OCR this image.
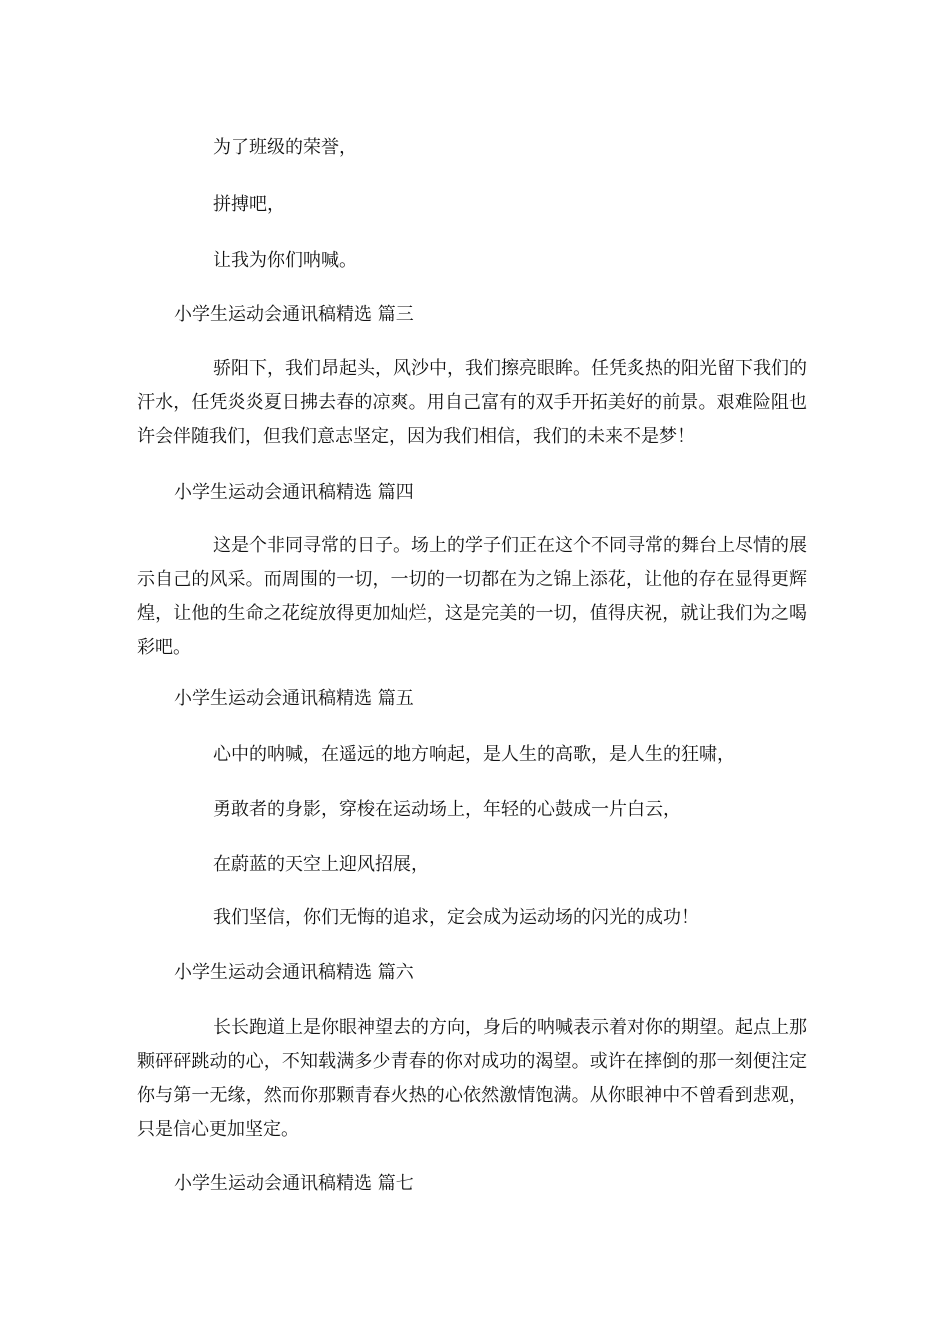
为了班级的荣誉，

拼搏吧，

让我为你们呐喊。

小学生运动会通讯稿精选 篇三

骄阳下，我们昂起头，风沙中，我们擦亮眼眸。任凭炙热的阳光留下我们的汗水，任凭炎炎夏日拂去春的凉爽。用自己富有的双手开拓美好的前景。艰难险阻也许会伴随我们，但我们意志坚定，因为我们相信，我们的未来不是梦！

小学生运动会通讯稿精选 篇四

这是个非同寻常的日子。场上的学子们正在这个不同寻常的舞台上尽情的展示自己的风采。而周围的一切，一切的一切都在为之锦上添花，让他的存在显得更辉煌，让他的生命之花绽放得更加灿烂，这是完美的一切，值得庆祝，就让我们为之喝彩吧。

小学生运动会通讯稿精选 篇五

心中的呐喊，在遥远的地方响起，是人生的高歌，是人生的狂啸，

勇敢者的身影，穿梭在运动场上，年轻的心鼓成一片白云，

在蔚蓝的天空上迎风招展，

我们坚信，你们无悔的追求，定会成为运动场的闪光的成功！

小学生运动会通讯稿精选 篇六

长长跑道上是你眼神望去的方向，身后的呐喊表示着对你的期望。起点上那颗砰砰跳动的心，不知载满多少青春的你对成功的渴望。或许在摔倒的那一刻便注定你与第一无缘，然而你那颗青春火热的心依然激情饱满。从你眼神中不曾看到悲观，只是信心更加坚定。

小学生运动会通讯稿精选 篇七
